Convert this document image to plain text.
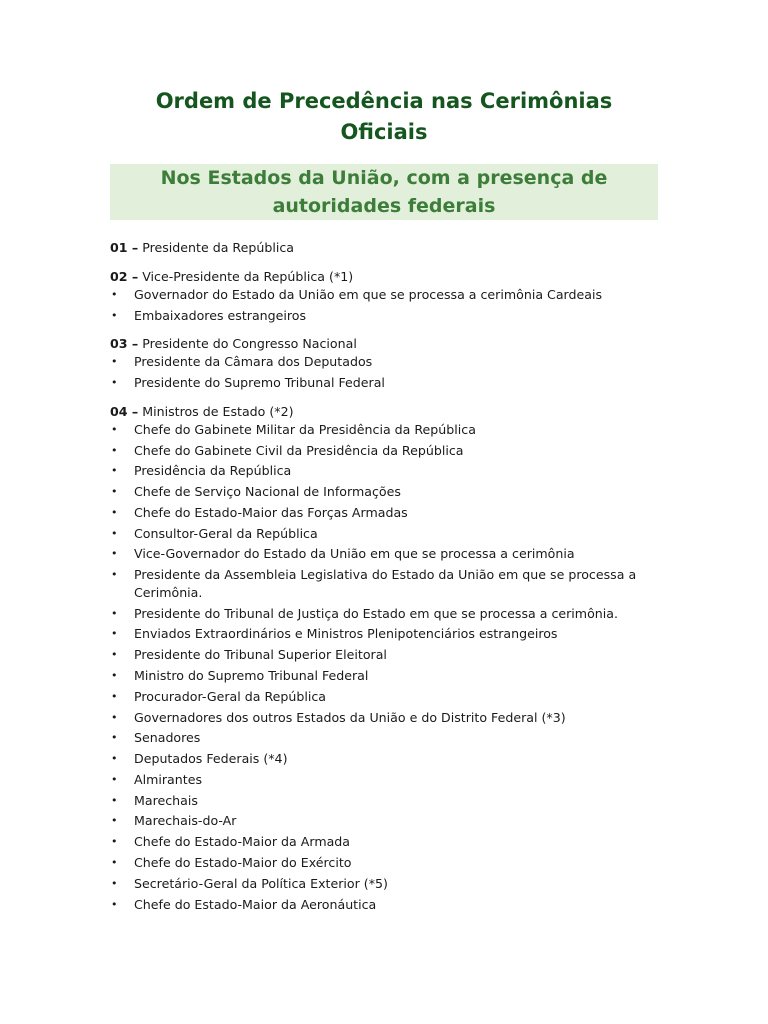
Ordem de Precedência nas Cerimônias Oficiais
Nos Estados da União, com a presença de autoridades federais

01 – Presidente da República

02 – Vice-Presidente da República (*1)

• Governador do Estado da União em que se processa a cerimônia Cardeais
• Embaixadores estrangeiros

03 – Presidente do Congresso Nacional

• Presidente da Câmara dos Deputados
• Presidente do Supremo Tribunal Federal

04 – Ministros de Estado (*2)

• Chefe do Gabinete Militar da Presidência da República
• Chefe do Gabinete Civil da Presidência da República
• Presidência da República
• Chefe de Serviço Nacional de Informações
• Chefe do Estado-Maior das Forças Armadas
• Consultor-Geral da República
• Vice-Governador do Estado da União em que se processa a cerimônia
• Presidente da Assembleia Legislativa do Estado da União em que se processa a Cerimônia.
• Presidente do Tribunal de Justiça do Estado em que se processa a cerimônia.
• Enviados Extraordinários e Ministros Plenipotenciários estrangeiros
• Presidente do Tribunal Superior Eleitoral
• Ministro do Supremo Tribunal Federal
• Procurador-Geral da República
• Governadores dos outros Estados da União e do Distrito Federal (*3)
• Senadores
• Deputados Federais (*4)
• Almirantes
• Marechais
• Marechais-do-Ar
• Chefe do Estado-Maior da Armada
• Chefe do Estado-Maior do Exército
• Secretário-Geral da Política Exterior (*5)
• Chefe do Estado-Maior da Aeronáutica
